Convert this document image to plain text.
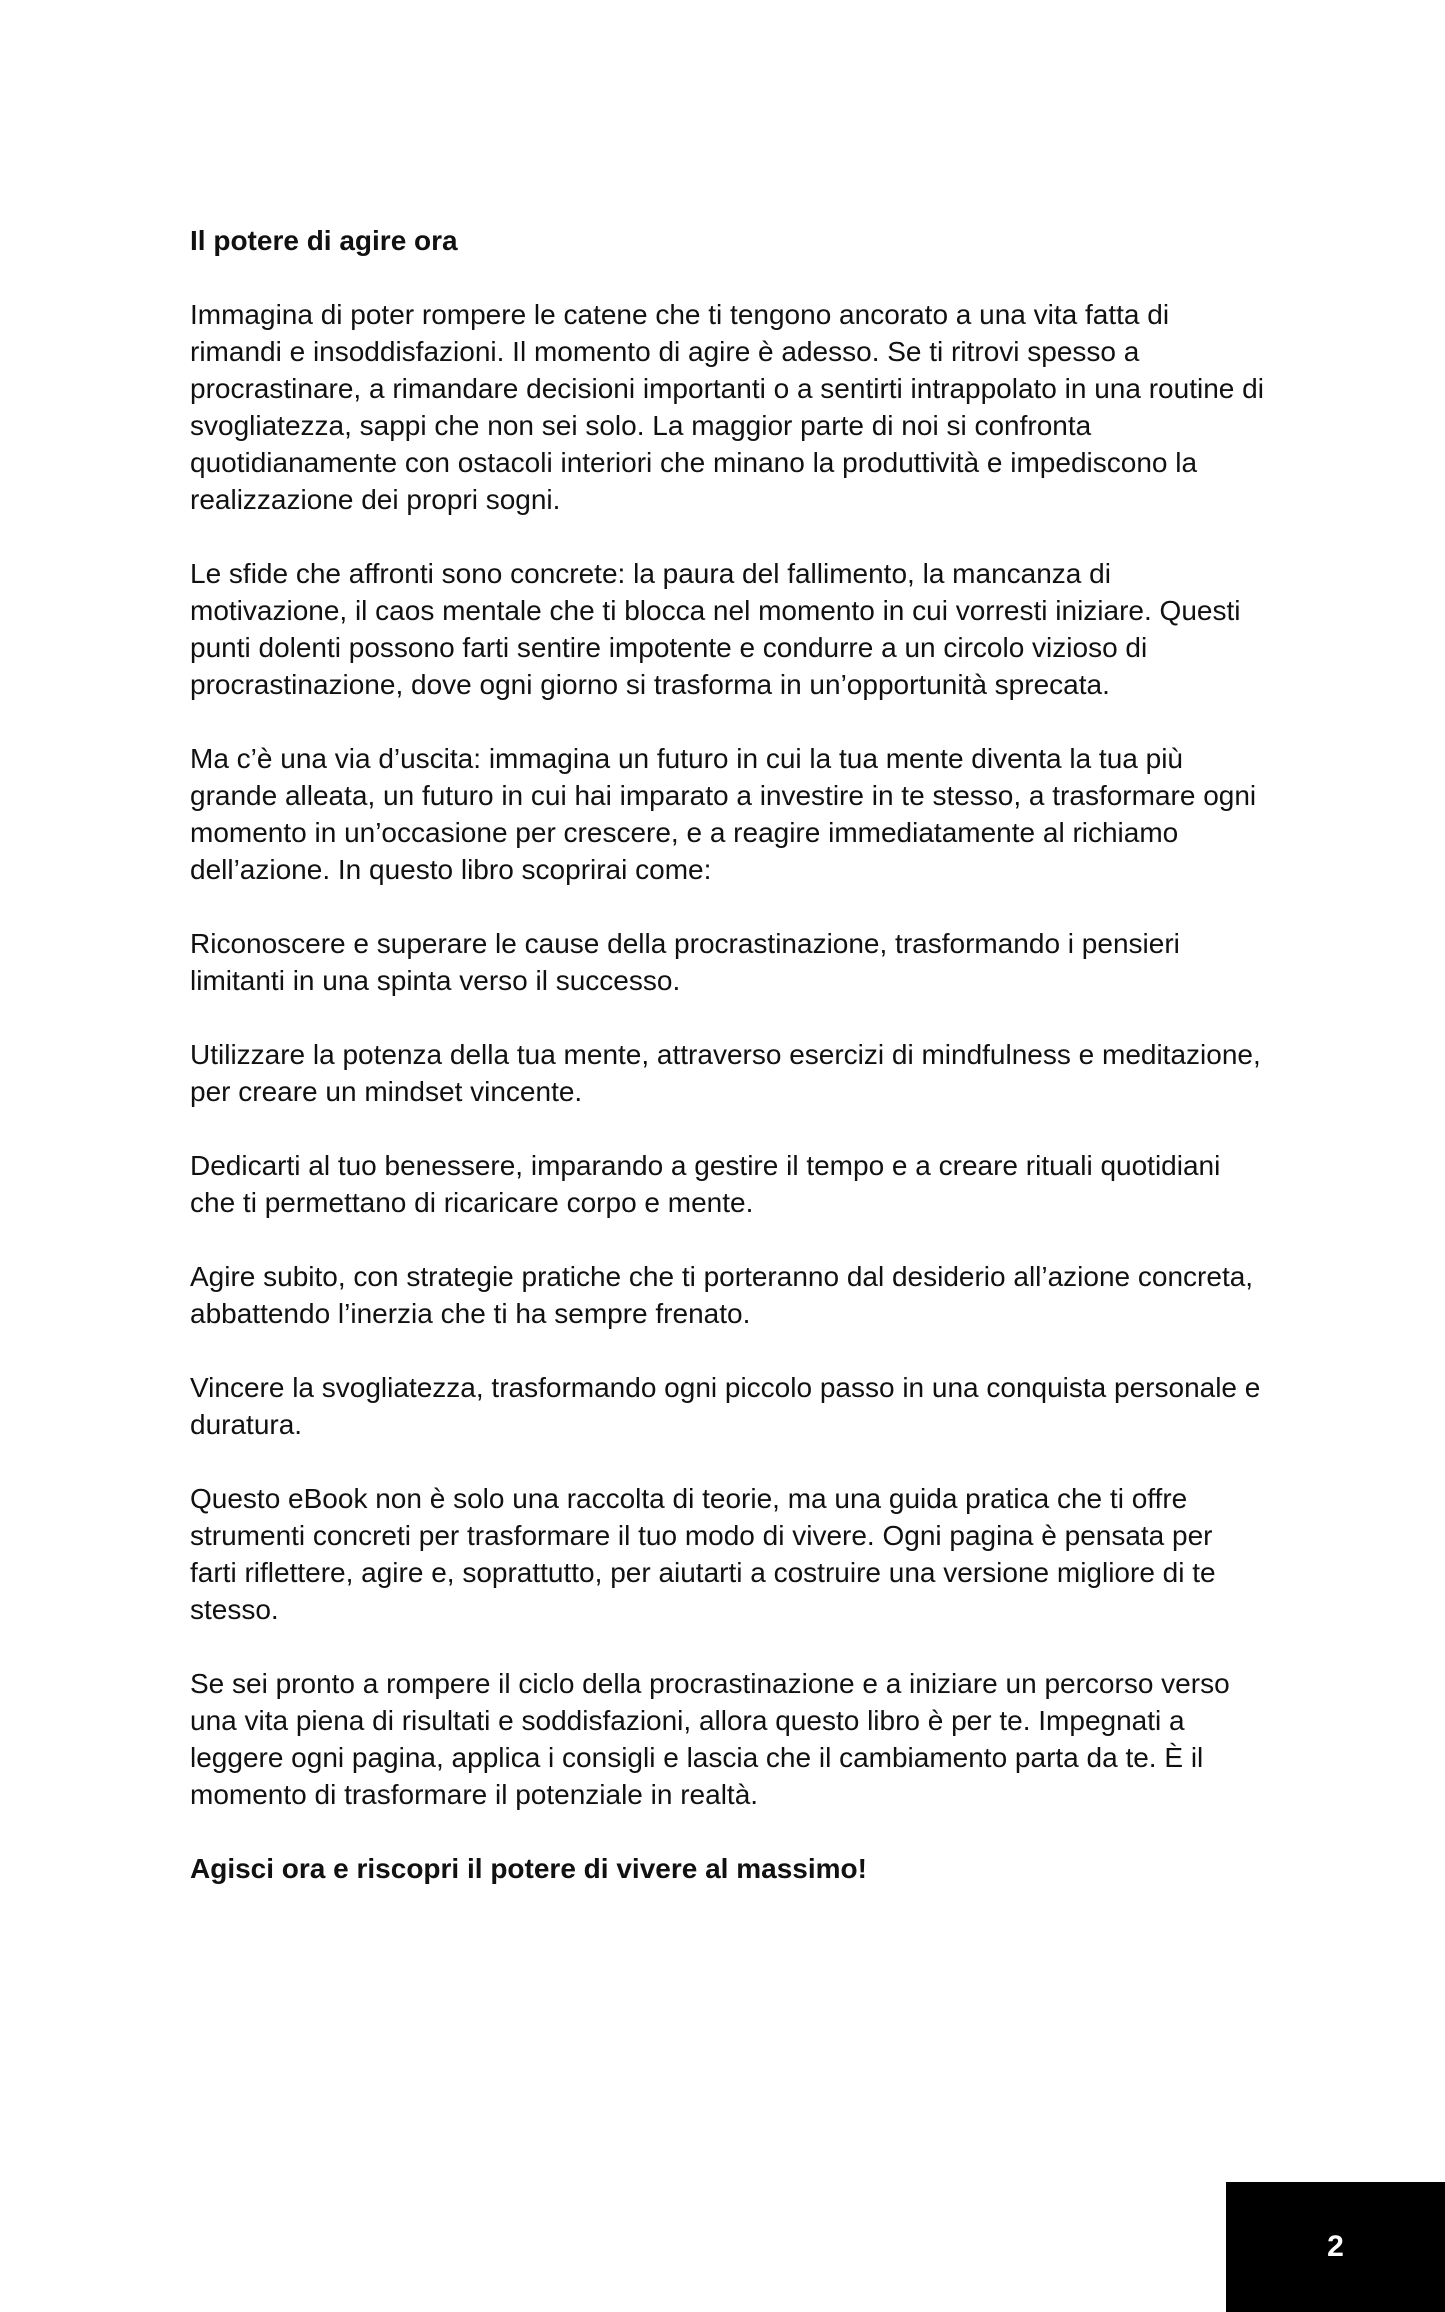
Il potere di agire ora

Immagina di poter rompere le catene che ti tengono ancorato a una vita fatta di rimandi e insoddisfazioni. Il momento di agire è adesso. Se ti ritrovi spesso a procrastinare, a rimandare decisioni importanti o a sentirti intrappolato in una routine di svogliatezza, sappi che non sei solo. La maggior parte di noi si confronta quotidianamente con ostacoli interiori che minano la produttività e impediscono la realizzazione dei propri sogni.

Le sfide che affronti sono concrete: la paura del fallimento, la mancanza di motivazione, il caos mentale che ti blocca nel momento in cui vorresti iniziare. Questi punti dolenti possono farti sentire impotente e condurre a un circolo vizioso di procrastinazione, dove ogni giorno si trasforma in un’opportunità sprecata.

Ma c’è una via d’uscita: immagina un futuro in cui la tua mente diventa la tua più grande alleata, un futuro in cui hai imparato a investire in te stesso, a trasformare ogni momento in un’occasione per crescere, e a reagire immediatamente al richiamo dell’azione. In questo libro scoprirai come:

Riconoscere e superare le cause della procrastinazione, trasformando i pensieri limitanti in una spinta verso il successo.

Utilizzare la potenza della tua mente, attraverso esercizi di mindfulness e meditazione, per creare un mindset vincente.

Dedicarti al tuo benessere, imparando a gestire il tempo e a creare rituali quotidiani che ti permettano di ricaricare corpo e mente.

Agire subito, con strategie pratiche che ti porteranno dal desiderio all’azione concreta, abbattendo l’inerzia che ti ha sempre frenato.

Vincere la svogliatezza, trasformando ogni piccolo passo in una conquista personale e duratura.

Questo eBook non è solo una raccolta di teorie, ma una guida pratica che ti offre strumenti concreti per trasformare il tuo modo di vivere. Ogni pagina è pensata per farti riflettere, agire e, soprattutto, per aiutarti a costruire una versione migliore di te stesso.

Se sei pronto a rompere il ciclo della procrastinazione e a iniziare un percorso verso una vita piena di risultati e soddisfazioni, allora questo libro è per te. Impegnati a leggere ogni pagina, applica i consigli e lascia che il cambiamento parta da te. È il momento di trasformare il potenziale in realtà.

Agisci ora e riscopri il potere di vivere al massimo!

2
